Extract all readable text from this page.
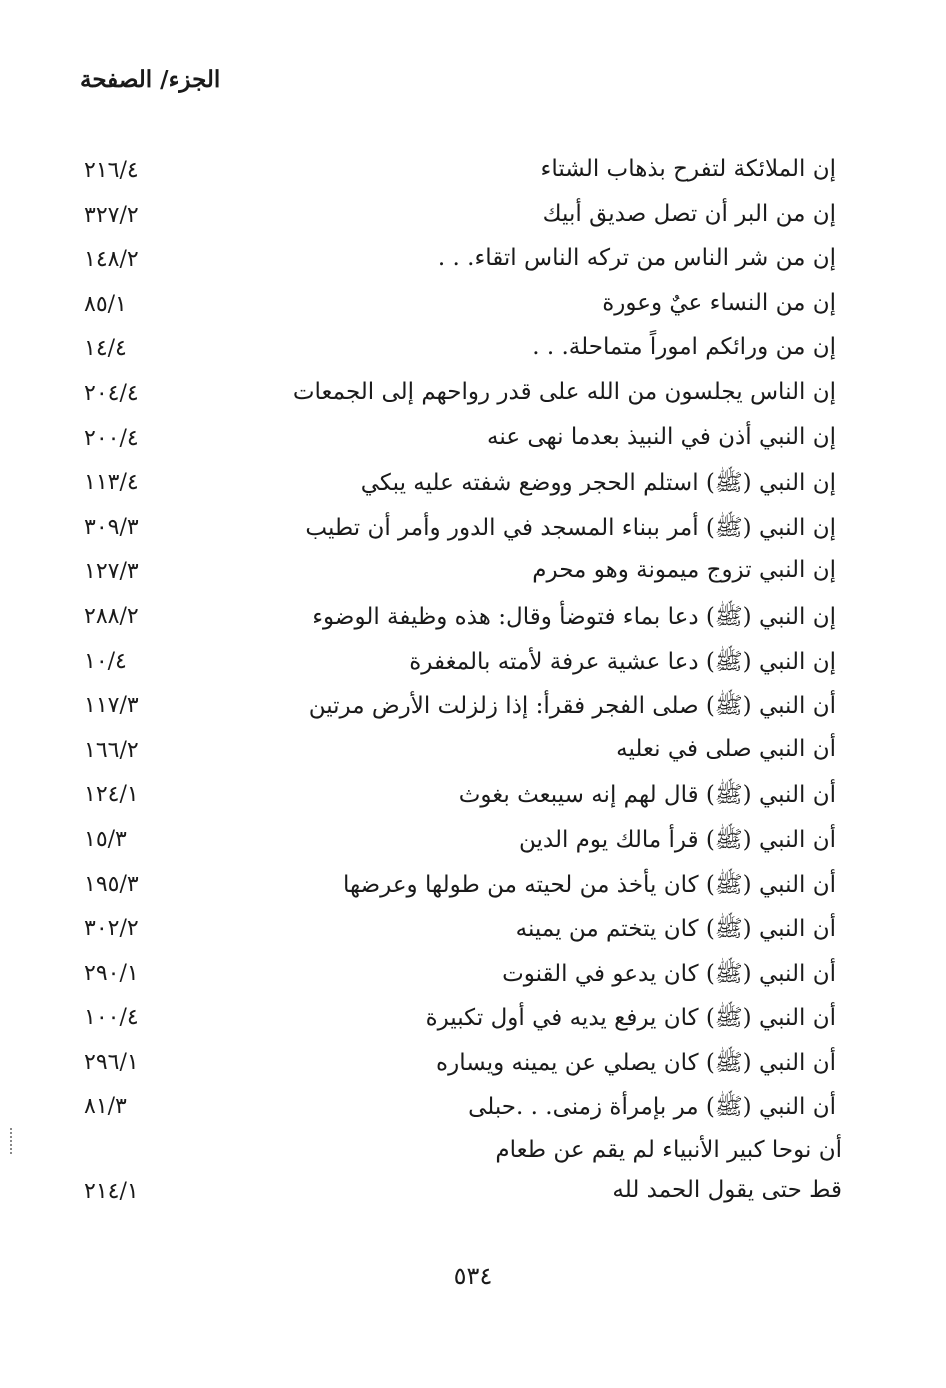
الجزء/ الصفحة
إن الملائكة لتفرح بذهاب الشتاء
٢١٦/٤
إن من البر أن تصل صديق أبيك
٣٢٧/٢
إن من شر الناس من تركه الناس اتقاء. . .
١٤٨/٢
إن من النساء عيٌ وعورة
٨٥/١
إن من ورائكم اموراً متماحلة. . .
١٤/٤
إن الناس يجلسون من الله على قدر رواحهم إلى الجمعات
٢٠٤/٤
إن النبي أذن في النبيذ بعدما نهى عنه
٢٠٠/٤
إن النبي (ﷺ) استلم الحجر ووضع شفته عليه يبكي
١١٣/٤
إن النبي (ﷺ) أمر ببناء المسجد في الدور وأمر أن تطيب
٣٠٩/٣
إن النبي تزوج ميمونة وهو محرم
١٢٧/٣
إن النبي (ﷺ) دعا بماء فتوضأ وقال: هذه وظيفة الوضوء
٢٨٨/٢
إن النبي (ﷺ) دعا عشية عرفة لأمته بالمغفرة
١٠/٤
أن النبي (ﷺ) صلى الفجر فقرأ: إذا زلزلت الأرض مرتين
١١٧/٣
أن النبي صلى في نعليه
١٦٦/٢
أن النبي (ﷺ) قال لهم إنه سيبعث بغوث
١٢٤/١
أن النبي (ﷺ) قرأ مالك يوم الدين
١٥/٣
أن النبي (ﷺ) كان يأخذ من لحيته من طولها وعرضها
١٩٥/٣
أن النبي (ﷺ) كان يتختم من يمينه
٣٠٢/٢
أن النبي (ﷺ) كان يدعو في القنوت
٢٩٠/١
أن النبي (ﷺ) كان يرفع يديه في أول تكبيرة
١٠٠/٤
أن النبي (ﷺ) كان يصلي عن يمينه ويساره
٢٩٦/١
أن النبي (ﷺ) مر بإمرأة زمنى. . .حبلى
٨١/٣
أن نوحا كبير الأنبياء لم يقم عن طعام
قط حتى يقول الحمد لله
٢١٤/١
٥٣٤
